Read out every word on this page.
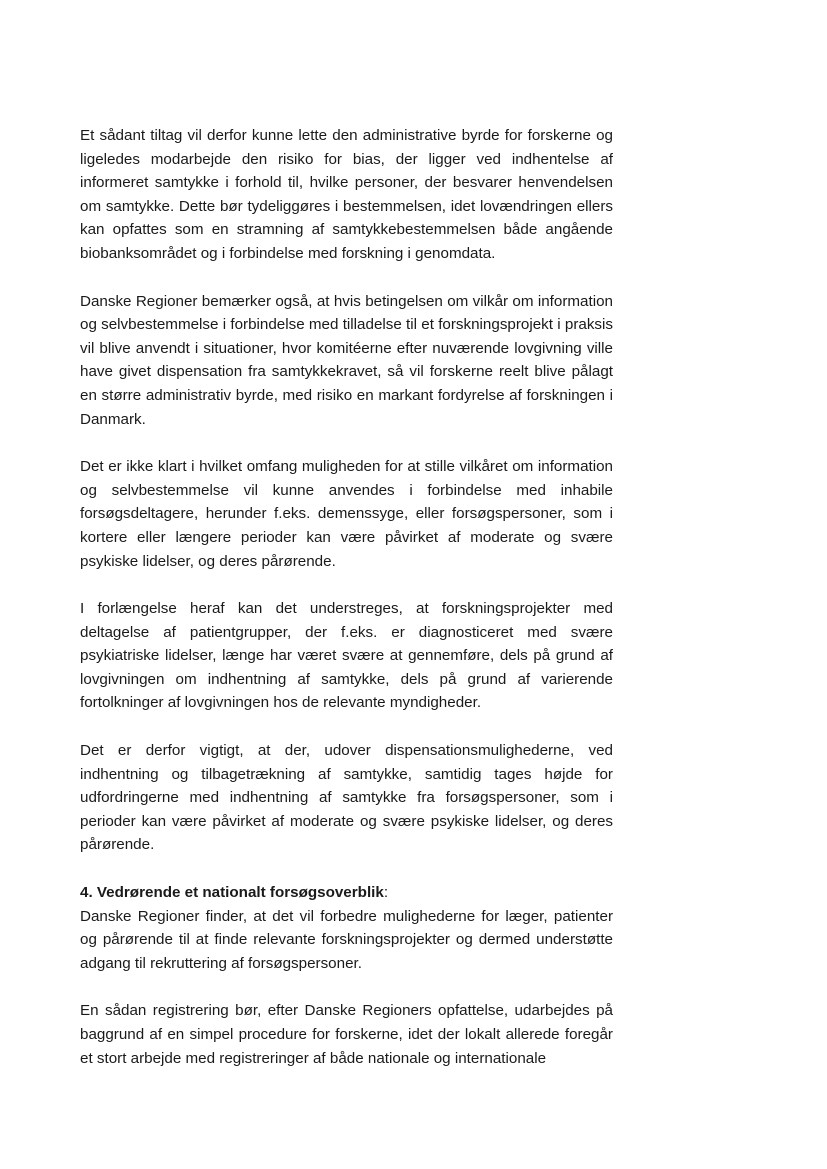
Et sådant tiltag vil derfor kunne lette den administrative byrde for forskerne og ligeledes modarbejde den risiko for bias, der ligger ved indhentelse af informeret samtykke i forhold til, hvilke personer, der besvarer henvendelsen om samtykke. Dette bør tydeliggøres i bestemmelsen, idet lovændringen ellers kan opfattes som en stramning af samtykkebestemmelsen både angående biobanksområdet og i forbindelse med forskning i genomdata.

Danske Regioner bemærker også, at hvis betingelsen om vilkår om information og selvbestemmelse i forbindelse med tilladelse til et forskningsprojekt i praksis vil blive anvendt i situationer, hvor komitéerne efter nuværende lovgivning ville have givet dispensation fra samtykkekravet, så vil forskerne reelt blive pålagt en større administrativ byrde, med risiko en markant fordyrelse af forskningen i Danmark.

Det er ikke klart i hvilket omfang muligheden for at stille vilkåret om information og selvbestemmelse vil kunne anvendes i forbindelse med inhabile forsøgsdeltagere, herunder f.eks. demenssyge, eller forsøgspersoner, som i kortere eller længere perioder kan være påvirket af moderate og svære psykiske lidelser, og deres pårørende.

I forlængelse heraf kan det understreges, at forskningsprojekter med deltagelse af patientgrupper, der f.eks. er diagnosticeret med svære psykiatriske lidelser, længe har været svære at gennemføre, dels på grund af lovgivningen om indhentning af samtykke, dels på grund af varierende fortolkninger af lovgivningen hos de relevante myndigheder.

Det er derfor vigtigt, at der, udover dispensationsmulighederne, ved indhentning og tilbagetrækning af samtykke, samtidig tages højde for udfordringerne med indhentning af samtykke fra forsøgspersoner, som i perioder kan være påvirket af moderate og svære psykiske lidelser, og deres pårørende.

4. Vedrørende et nationalt forsøgsoverblik:

Danske Regioner finder, at det vil forbedre mulighederne for læger, patienter og pårørende til at finde relevante forskningsprojekter og dermed understøtte adgang til rekruttering af forsøgspersoner.

En sådan registrering bør, efter Danske Regioners opfattelse, udarbejdes på baggrund af en simpel procedure for forskerne, idet der lokalt allerede foregår et stort arbejde med registreringer af både nationale og internationale
